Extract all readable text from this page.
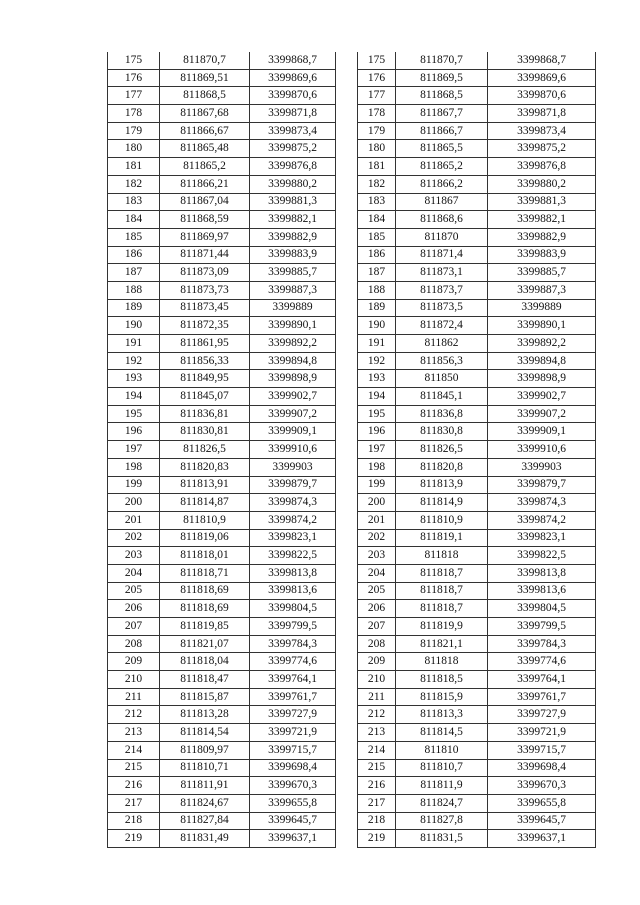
175	811870,7	3399868,7
176	811869,51	3399869,6
177	811868,5	3399870,6
178	811867,68	3399871,8
179	811866,67	3399873,4
180	811865,48	3399875,2
181	811865,2	3399876,8
182	811866,21	3399880,2
183	811867,04	3399881,3
184	811868,59	3399882,1
185	811869,97	3399882,9
186	811871,44	3399883,9
187	811873,09	3399885,7
188	811873,73	3399887,3
189	811873,45	3399889
190	811872,35	3399890,1
191	811861,95	3399892,2
192	811856,33	3399894,8
193	811849,95	3399898,9
194	811845,07	3399902,7
195	811836,81	3399907,2
196	811830,81	3399909,1
197	811826,5	3399910,6
198	811820,83	3399903
199	811813,91	3399879,7
200	811814,87	3399874,3
201	811810,9	3399874,2
202	811819,06	3399823,1
203	811818,01	3399822,5
204	811818,71	3399813,8
205	811818,69	3399813,6
206	811818,69	3399804,5
207	811819,85	3399799,5
208	811821,07	3399784,3
209	811818,04	3399774,6
210	811818,47	3399764,1
211	811815,87	3399761,7
212	811813,28	3399727,9
213	811814,54	3399721,9
214	811809,97	3399715,7
215	811810,71	3399698,4
216	811811,91	3399670,3
217	811824,67	3399655,8
218	811827,84	3399645,7
219	811831,49	3399637,1
175	811870,7	3399868,7
176	811869,5	3399869,6
177	811868,5	3399870,6
178	811867,7	3399871,8
179	811866,7	3399873,4
180	811865,5	3399875,2
181	811865,2	3399876,8
182	811866,2	3399880,2
183	811867	3399881,3
184	811868,6	3399882,1
185	811870	3399882,9
186	811871,4	3399883,9
187	811873,1	3399885,7
188	811873,7	3399887,3
189	811873,5	3399889
190	811872,4	3399890,1
191	811862	3399892,2
192	811856,3	3399894,8
193	811850	3399898,9
194	811845,1	3399902,7
195	811836,8	3399907,2
196	811830,8	3399909,1
197	811826,5	3399910,6
198	811820,8	3399903
199	811813,9	3399879,7
200	811814,9	3399874,3
201	811810,9	3399874,2
202	811819,1	3399823,1
203	811818	3399822,5
204	811818,7	3399813,8
205	811818,7	3399813,6
206	811818,7	3399804,5
207	811819,9	3399799,5
208	811821,1	3399784,3
209	811818	3399774,6
210	811818,5	3399764,1
211	811815,9	3399761,7
212	811813,3	3399727,9
213	811814,5	3399721,9
214	811810	3399715,7
215	811810,7	3399698,4
216	811811,9	3399670,3
217	811824,7	3399655,8
218	811827,8	3399645,7
219	811831,5	3399637,1
